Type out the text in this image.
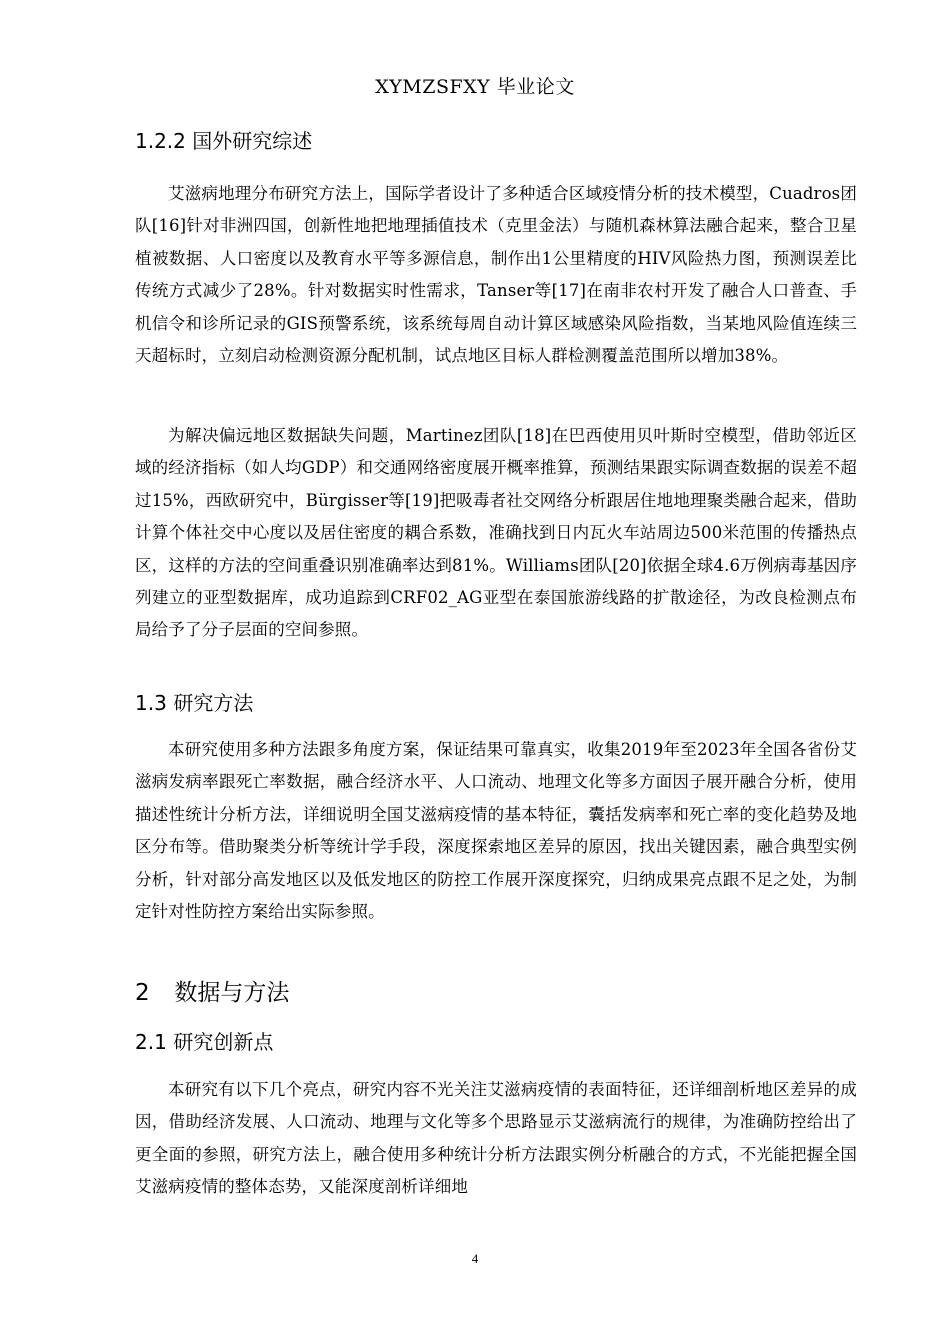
XYMZSFXY 毕业论文
1.2.2 国外研究综述

艾滋病地理分布研究方法上，国际学者设计了多种适合区域疫情分析的技术模型，Cuadros团队[16]针对非洲四国，创新性地把地理插值技术（克里金法）与随机森林算法融合起来，整合卫星植被数据、人口密度以及教育水平等多源信息，制作出1公里精度的HIV风险热力图，预测误差比传统方式减少了28%。针对数据实时性需求，Tanser等[17]在南非农村开发了融合人口普查、手机信令和诊所记录的GIS预警系统，该系统每周自动计算区域感染风险指数，当某地风险值连续三天超标时，立刻启动检测资源分配机制，试点地区目标人群检测覆盖范围所以增加38%。

为解决偏远地区数据缺失问题，Martinez团队[18]在巴西使用贝叶斯时空模型，借助邻近区域的经济指标（如人均GDP）和交通网络密度展开概率推算，预测结果跟实际调查数据的误差不超过15%，西欧研究中，Bürgisser等[19]把吸毒者社交网络分析跟居住地地理聚类融合起来，借助计算个体社交中心度以及居住密度的耦合系数，准确找到日内瓦火车站周边500米范围的传播热点区，这样的方法的空间重叠识别准确率达到81%。Williams团队[20]依据全球4.6万例病毒基因序列建立的亚型数据库，成功追踪到CRF02_AG亚型在泰国旅游线路的扩散途径，为改良检测点布局给予了分子层面的空间参照。

1.3 研究方法

本研究使用多种方法跟多角度方案，保证结果可靠真实，收集2019年至2023年全国各省份艾滋病发病率跟死亡率数据，融合经济水平、人口流动、地理文化等多方面因子展开融合分析，使用描述性统计分析方法，详细说明全国艾滋病疫情的基本特征，囊括发病率和死亡率的变化趋势及地区分布等。借助聚类分析等统计学手段，深度探索地区差异的原因，找出关键因素，融合典型实例分析，针对部分高发地区以及低发地区的防控工作展开深度探究，归纳成果亮点跟不足之处，为制定针对性防控方案给出实际参照。

2 数据与方法
2.1 研究创新点

本研究有以下几个亮点，研究内容不光关注艾滋病疫情的表面特征，还详细剖析地区差异的成因，借助经济发展、人口流动、地理与文化等多个思路显示艾滋病流行的规律，为准确防控给出了更全面的参照，研究方法上，融合使用多种统计分析方法跟实例分析融合的方式，不光能把握全国艾滋病疫情的整体态势，又能深度剖析详细地

4
